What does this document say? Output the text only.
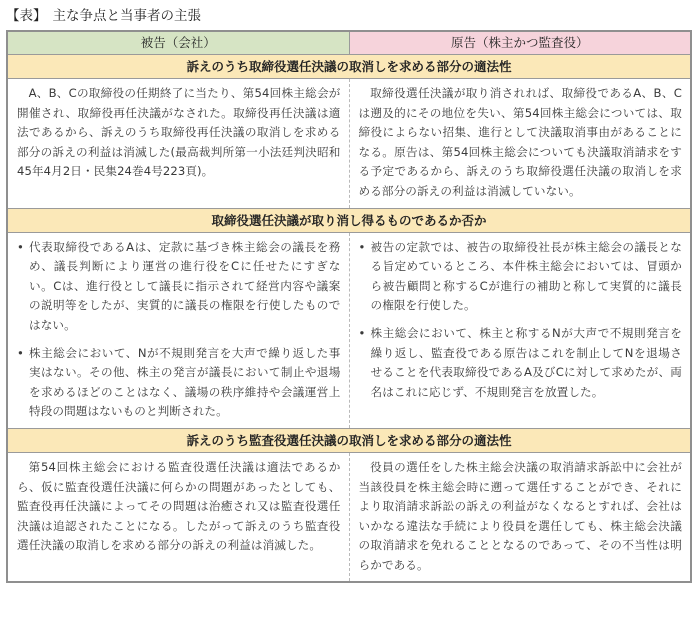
【表】 主な争点と当事者の主張
被告（会社）	原告（株主かつ監査役）
訴えのうち取締役選任決議の取消しを求める部分の適法性

A、B、Cの取締役の任期終了に当たり、第54回株主総会が開催され、取締役再任決議がなされた。取締役再任決議は適法であるから、訴えのうち取締役再任決議の取消しを求める部分の訴えの利益は消滅した(最高裁判所第一小法廷判決昭和45年4月2日・民集24巻4号223頁)。

取締役選任決議が取り消されれば、取締役であるA、B、Cは遡及的にその地位を失い、第54回株主総会については、取締役によらない招集、進行として決議取消事由があることになる。原告は、第54回株主総会についても決議取消請求をする予定であるから、訴えのうち取締役選任決議の取消しを求める部分の訴えの利益は消滅していない。

取締役選任決議が取り消し得るものであるか否か
• 代表取締役であるAは、定款に基づき株主総会の議長を務め、議長判断により運営の進行役をCに任せたにすぎない。Cは、進行役として議長に指示されて経営内容や議案の説明等をしたが、実質的に議長の権限を行使したものではない。
• 株主総会において、Nが不規則発言を大声で繰り返した事実はない。その他、株主の発言が議長において制止や退場を求めるほどのことはなく、議場の秩序維持や会議運営上特段の問題はないものと判断された。
• 被告の定款では、被告の取締役社長が株主総会の議長となる旨定めているところ、本件株主総会においては、冒頭から被告顧問と称するCが進行の補助と称して実質的に議長の権限を行使した。
• 株主総会において、株主と称するNが大声で不規則発言を繰り返し、監査役である原告はこれを制止してNを退場させることを代表取締役であるA及びCに対して求めたが、両名はこれに応じず、不規則発言を放置した。
訴えのうち監査役選任決議の取消しを求める部分の適法性

第54回株主総会における監査役選任決議は適法であるから、仮に監査役選任決議に何らかの問題があったとしても、監査役再任決議によってその問題は治癒され又は監査役選任決議は追認されたことになる。したがって訴えのうち監査役選任決議の取消しを求める部分の訴えの利益は消滅した。

役員の選任をした株主総会決議の取消請求訴訟中に会社が当該役員を株主総会時に遡って選任することができ、それにより取消請求訴訟の訴えの利益がなくなるとすれば、会社はいかなる違法な手続により役員を選任しても、株主総会決議の取消請求を免れることとなるのであって、その不当性は明らかである。
